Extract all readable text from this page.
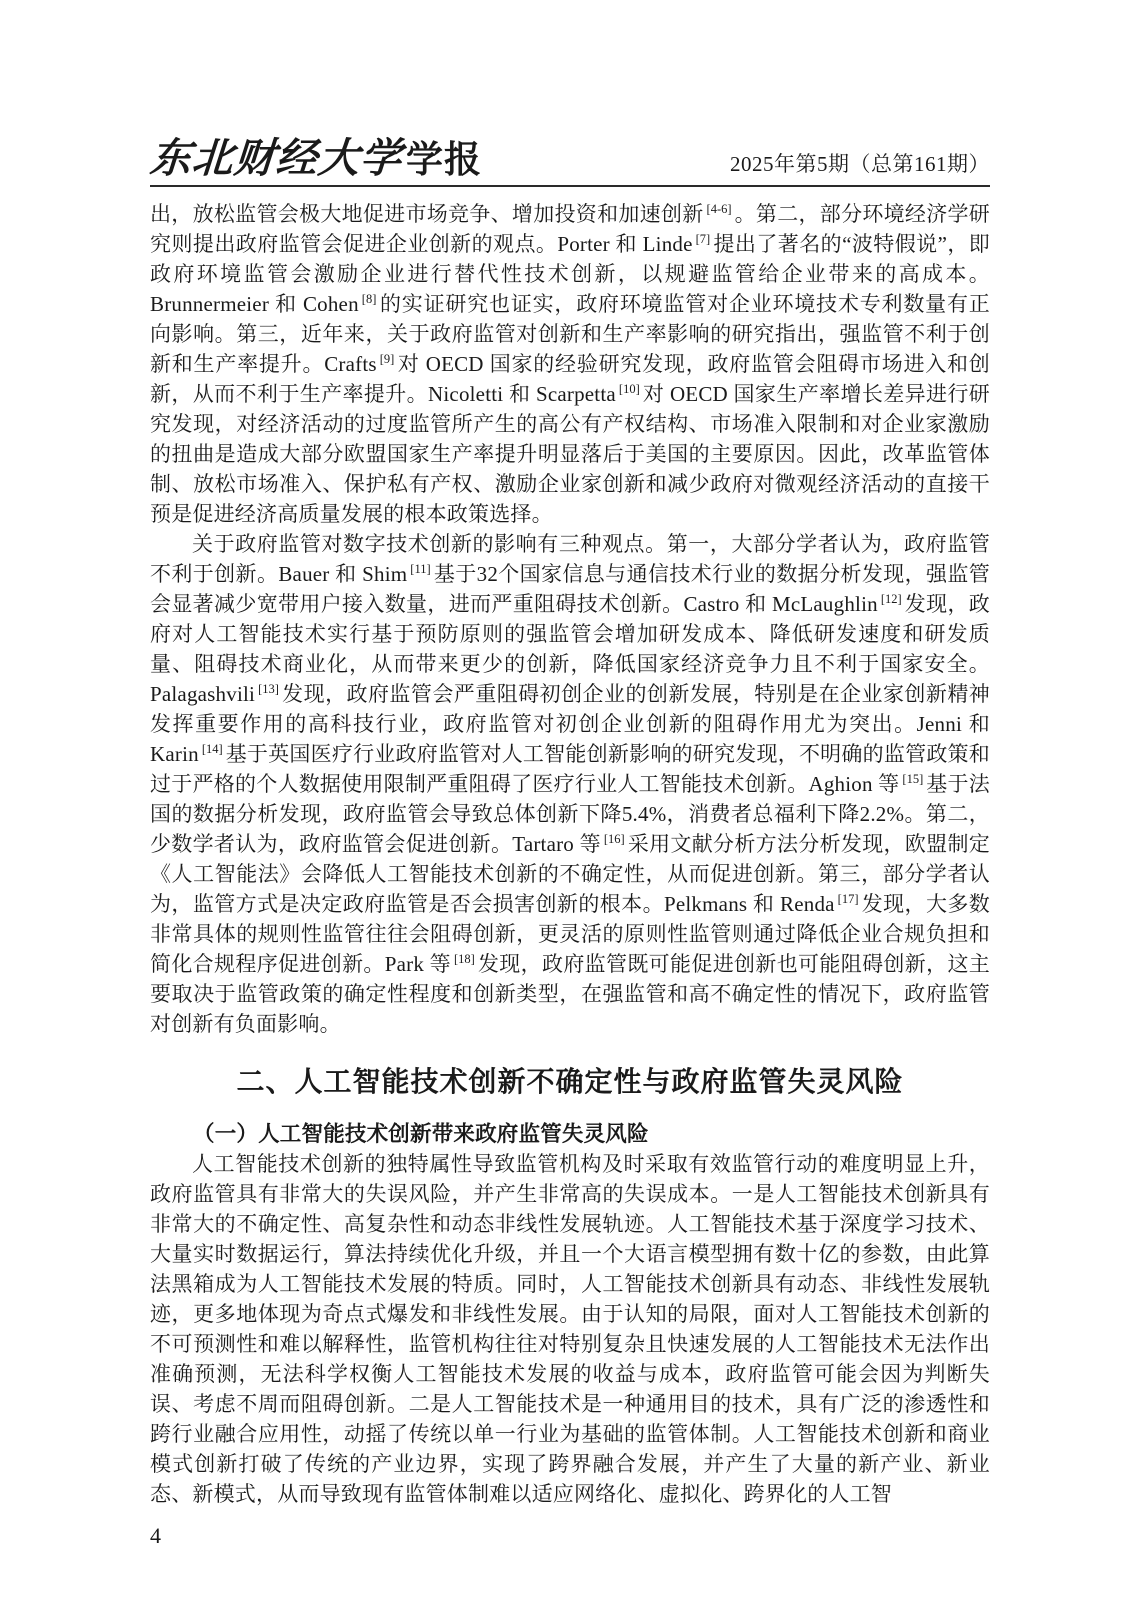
东北财经大学学报	2025年第5期（总第161期）

出，放松监管会极大地促进市场竞争、增加投资和加速创新 [4-6] 。第二，部分环境经济学研究则提出政府监管会促进企业创新的观点。Porter 和 Linde [7] 提出了著名的“波特假说”，即政府环境监管会激励企业进行替代性技术创新，以规避监管给企业带来的高成本。Brunnermeier 和 Cohen [8] 的实证研究也证实，政府环境监管对企业环境技术专利数量有正向影响。第三，近年来，关于政府监管对创新和生产率影响的研究指出，强监管不利于创新和生产率提升。Crafts [9] 对 OECD 国家的经验研究发现，政府监管会阻碍市场进入和创新，从而不利于生产率提升。Nicoletti 和 Scarpetta [10] 对 OECD 国家生产率增长差异进行研究发现，对经济活动的过度监管所产生的高公有产权结构、市场准入限制和对企业家激励的扭曲是造成大部分欧盟国家生产率提升明显落后于美国的主要原因。因此，改革监管体制、放松市场准入、保护私有产权、激励企业家创新和减少政府对微观经济活动的直接干预是促进经济高质量发展的根本政策选择。

关于政府监管对数字技术创新的影响有三种观点。第一，大部分学者认为，政府监管不利于创新。Bauer 和 Shim [11] 基于32个国家信息与通信技术行业的数据分析发现，强监管会显著减少宽带用户接入数量，进而严重阻碍技术创新。Castro 和 McLaughlin [12] 发现，政府对人工智能技术实行基于预防原则的强监管会增加研发成本、降低研发速度和研发质量、阻碍技术商业化，从而带来更少的创新，降低国家经济竞争力且不利于国家安全。Palagashvili [13] 发现，政府监管会严重阻碍初创企业的创新发展，特别是在企业家创新精神发挥重要作用的高科技行业，政府监管对初创企业创新的阻碍作用尤为突出。Jenni 和 Karin [14] 基于英国医疗行业政府监管对人工智能创新影响的研究发现，不明确的监管政策和过于严格的个人数据使用限制严重阻碍了医疗行业人工智能技术创新。Aghion 等 [15] 基于法国的数据分析发现，政府监管会导致总体创新下降5.4%，消费者总福利下降2.2%。第二，少数学者认为，政府监管会促进创新。Tartaro 等 [16] 采用文献分析方法分析发现，欧盟制定《人工智能法》会降低人工智能技术创新的不确定性，从而促进创新。第三，部分学者认为，监管方式是决定政府监管是否会损害创新的根本。Pelkmans 和 Renda [17] 发现，大多数非常具体的规则性监管往往会阻碍创新，更灵活的原则性监管则通过降低企业合规负担和简化合规程序促进创新。Park 等 [18] 发现，政府监管既可能促进创新也可能阻碍创新，这主要取决于监管政策的确定性程度和创新类型，在强监管和高不确定性的情况下，政府监管对创新有负面影响。

二、人工智能技术创新不确定性与政府监管失灵风险
（一）人工智能技术创新带来政府监管失灵风险

人工智能技术创新的独特属性导致监管机构及时采取有效监管行动的难度明显上升，政府监管具有非常大的失误风险，并产生非常高的失误成本。一是人工智能技术创新具有非常大的不确定性、高复杂性和动态非线性发展轨迹。人工智能技术基于深度学习技术、大量实时数据运行，算法持续优化升级，并且一个大语言模型拥有数十亿的参数，由此算法黑箱成为人工智能技术发展的特质。同时，人工智能技术创新具有动态、非线性发展轨迹，更多地体现为奇点式爆发和非线性发展。由于认知的局限，面对人工智能技术创新的不可预测性和难以解释性，监管机构往往对特别复杂且快速发展的人工智能技术无法作出准确预测，无法科学权衡人工智能技术发展的收益与成本，政府监管可能会因为判断失误、考虑不周而阻碍创新。二是人工智能技术是一种通用目的技术，具有广泛的渗透性和跨行业融合应用性，动摇了传统以单一行业为基础的监管体制。人工智能技术创新和商业模式创新打破了传统的产业边界，实现了跨界融合发展，并产生了大量的新产业、新业态、新模式，从而导致现有监管体制难以适应网络化、虚拟化、跨界化的人工智

4
